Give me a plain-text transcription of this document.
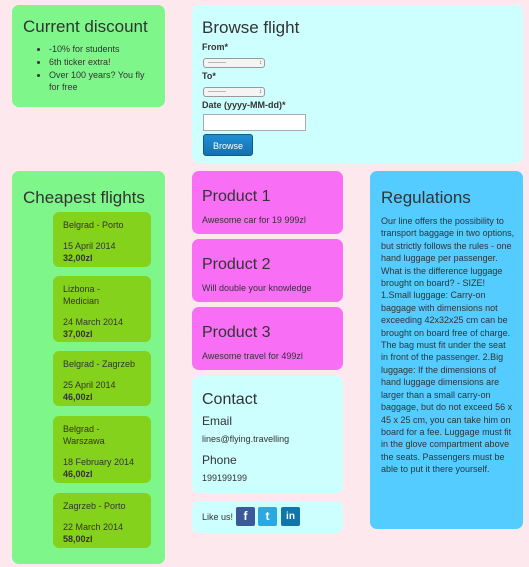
Current discount
• -10% for students
• 6th ticker extra!
• Over 100 years? You fly for free
Browse flight
From*
---------	↕
To*
---------	↕
Date (yyyy-MM-dd)*
Browse
Cheapest flights
Belgrad - Porto
15 April 2014
32,00zl
Lizbona - Medician
24 March 2014
37,00zl
Belgrad - Zagrzeb
25 April 2014
46,00zl
Belgrad - Warszawa
18 February 2014
46,00zl
Zagrzeb - Porto
22 March 2014
58,00zl
Product 1
Awesome car for 19 999zl
Product 2
Will double your knowledge
Product 3
Awesome travel for 499zl
Contact
Email
lines@flying.travelling
Phone
199199199
Like us! f	t	in
Regulations
Our line offers the possibility to transport baggage in two options, but strictly follows the rules - one hand luggage per passenger. What is the difference luggage brought on board? - SIZE! 1.Small luggage: Carry-on baggage with dimensions not exceeding 42x32x25 cm can be brought on board free of charge. The bag must fit under the seat in front of the passenger. 2.Big luggage: If the dimensions of hand luggage dimensions are larger than a small carry-on baggage, but do not exceed 56 x 45 x 25 cm, you can take him on board for a fee. Luggage must fit in the glove compartment above the seats. Passengers must be able to put it there yourself.
